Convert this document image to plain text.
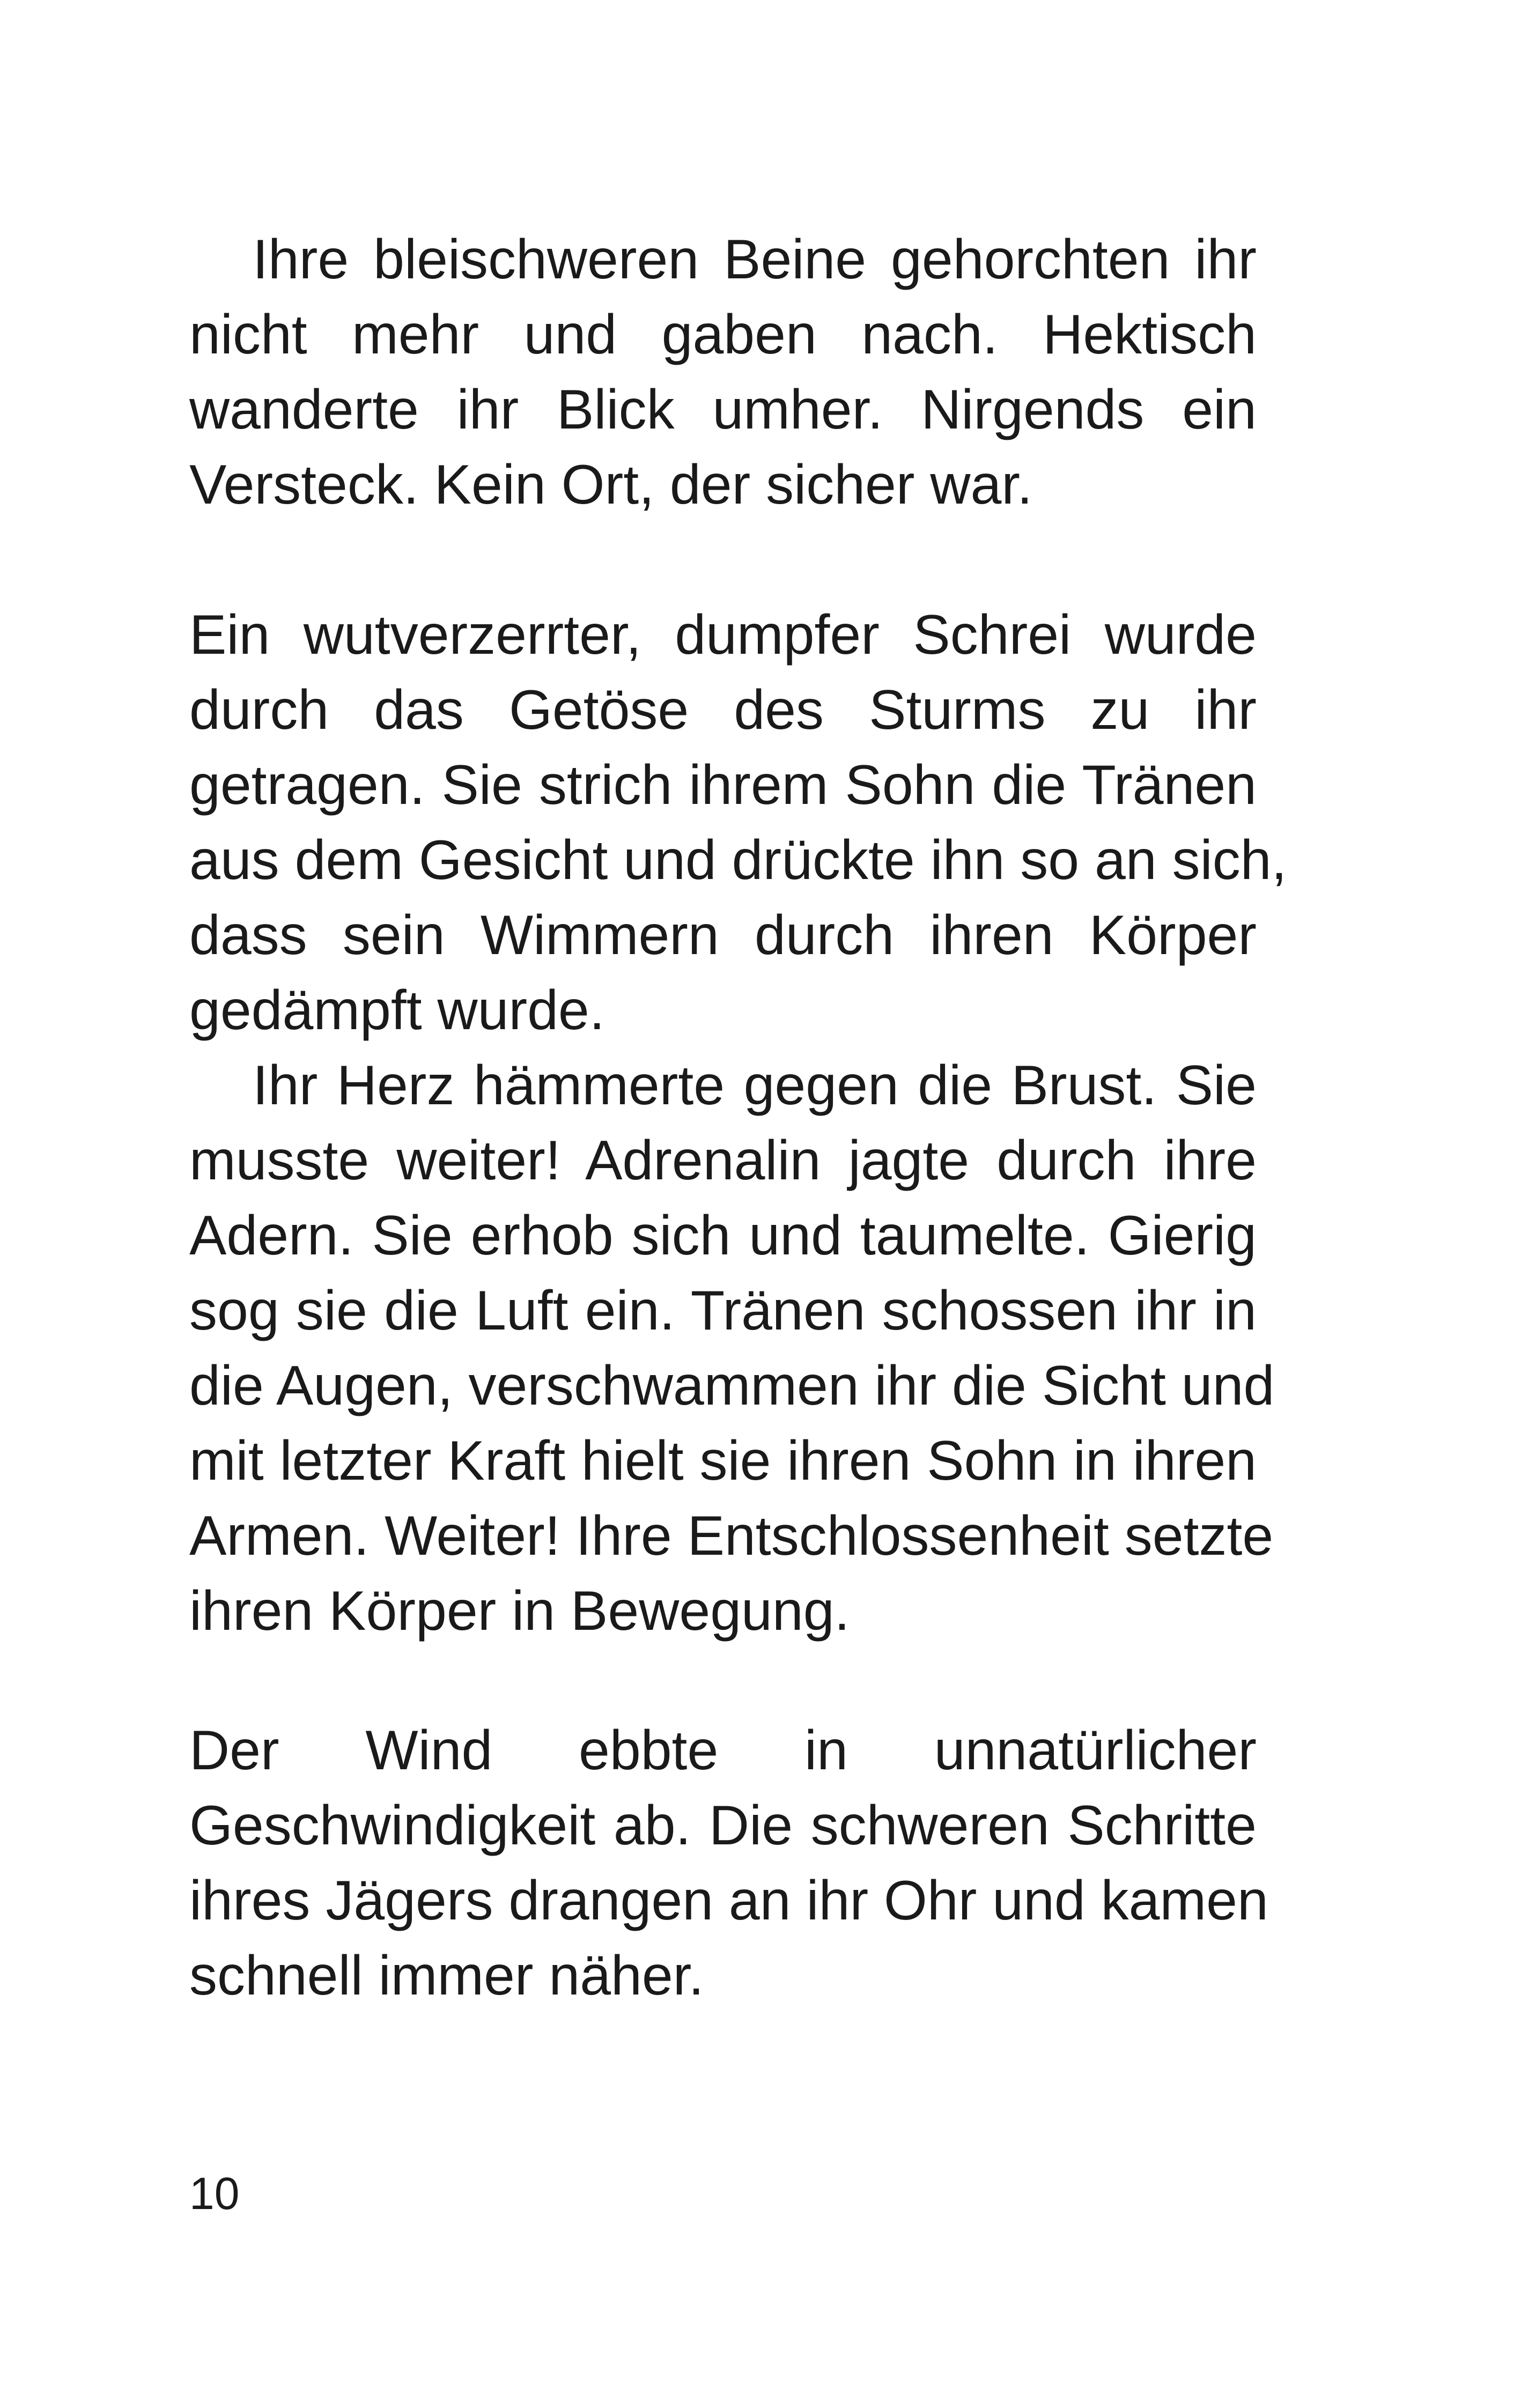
Ihre bleischweren Beine gehorchten ihr
nicht mehr und gaben nach. Hektisch
wanderte ihr Blick umher. Nirgends ein
Versteck. Kein Ort, der sicher war.
Ein wutverzerrter, dumpfer Schrei wurde
durch das Getöse des Sturms zu ihr
getragen. Sie strich ihrem Sohn die Tränen
aus dem Gesicht und drückte ihn so an sich,
dass sein Wimmern durch ihren Körper
gedämpft wurde.
Ihr Herz hämmerte gegen die Brust. Sie
musste weiter! Adrenalin jagte durch ihre
Adern. Sie erhob sich und taumelte. Gierig
sog sie die Luft ein. Tränen schossen ihr in
die Augen, verschwammen ihr die Sicht und
mit letzter Kraft hielt sie ihren Sohn in ihren
Armen. Weiter! Ihre Entschlossenheit setzte
ihren Körper in Bewegung.
Der Wind ebbte in unnatürlicher
Geschwindigkeit ab. Die schweren Schritte
ihres Jägers drangen an ihr Ohr und kamen
schnell immer näher.
10
